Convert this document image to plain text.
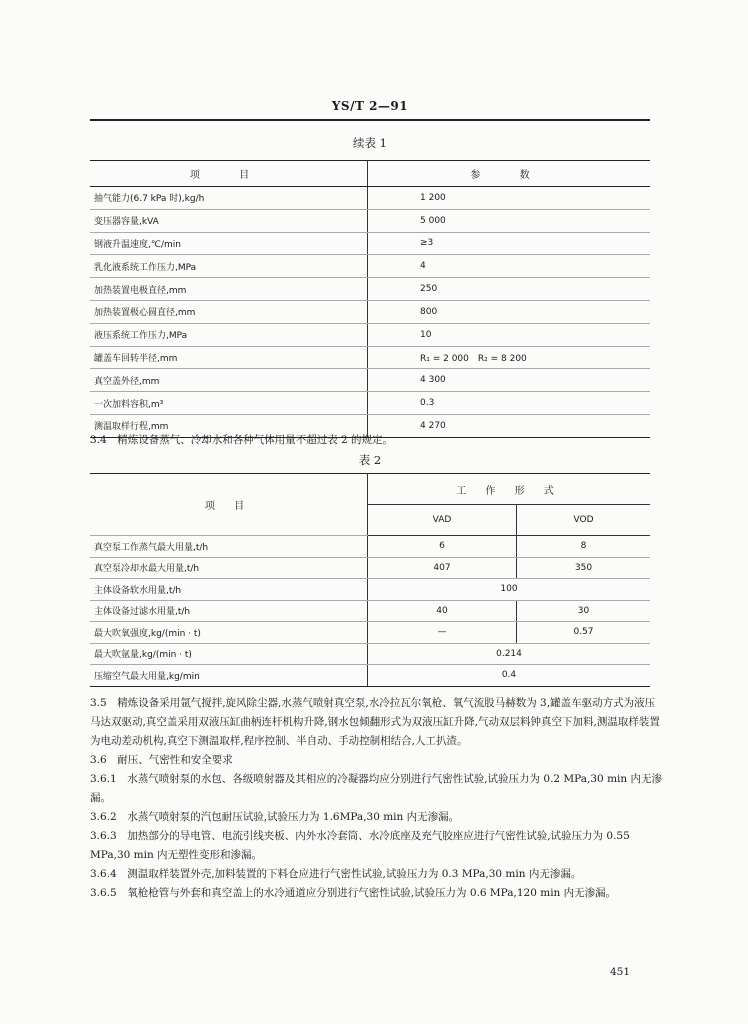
YS/T 2—91
续表 1
项 目	参 数
抽气能力(6.7 kPa 时),kg/h	1 200
变压器容量,kVA	5 000
钢液升温速度,℃/min	≥3
乳化液系统工作压力,MPa	4
加热装置电极直径,mm	250
加热装置极心圆直径,mm	800
液压系统工作压力,MPa	10
罐盖车回转半径,mm	R₁ = 2 000　R₂ = 8 200
真空盖外径,mm	4 300
一次加料容积,m³	0.3
测温取样行程,mm	4 270
3.4　精炼设备蒸气、冷却水和各种气体用量不超过表 2 的规定。
表 2
项 目	工 作 形 式	
	VAD	VOD
真空泵工作蒸气最大用量,t/h	6	8
真空泵冷却水最大用量,t/h	407	350
主体设备软水用量,t/h	100	
主体设备过滤水用量,t/h	40	30
最大吹氧强度,kg/(min · t)	—	0.57
最大吹氩量,kg/(min · t)	0.214	
压缩空气最大用量,kg/min	0.4	

3.5　精炼设备采用氩气搅拌,旋风除尘器,水蒸气喷射真空泵,水冷拉瓦尔氧枪、氧气流股马赫数为 3,罐盖车驱动方式为液压马达双驱动,真空盖采用双液压缸曲柄连杆机构升降,钢水包倾翻形式为双液压缸升降,气动双层料钟真空下加料,测温取样装置为电动差动机构,真空下测温取样,程序控制、半自动、手动控制相结合,人工扒渣。

3.6　耐压、气密性和安全要求

3.6.1　水蒸气喷射泵的水包、各级喷射器及其相应的冷凝器均应分别进行气密性试验,试验压力为 0.2 MPa,30 min 内无渗漏。

3.6.2　水蒸气喷射泵的汽包耐压试验,试验压力为 1.6MPa,30 min 内无渗漏。

3.6.3　加热部分的导电管、电流引线夹板、内外水冷套筒、水冷底座及充气胶座应进行气密性试验,试验压力为 0.55 MPa,30 min 内无塑性变形和渗漏。

3.6.4　测温取样装置外壳,加料装置的下料仓应进行气密性试验,试验压力为 0.3 MPa,30 min 内无渗漏。

3.6.5　氧枪枪管与外套和真空盖上的水冷通道应分别进行气密性试验,试验压力为 0.6 MPa,120 min 内无渗漏。

451
